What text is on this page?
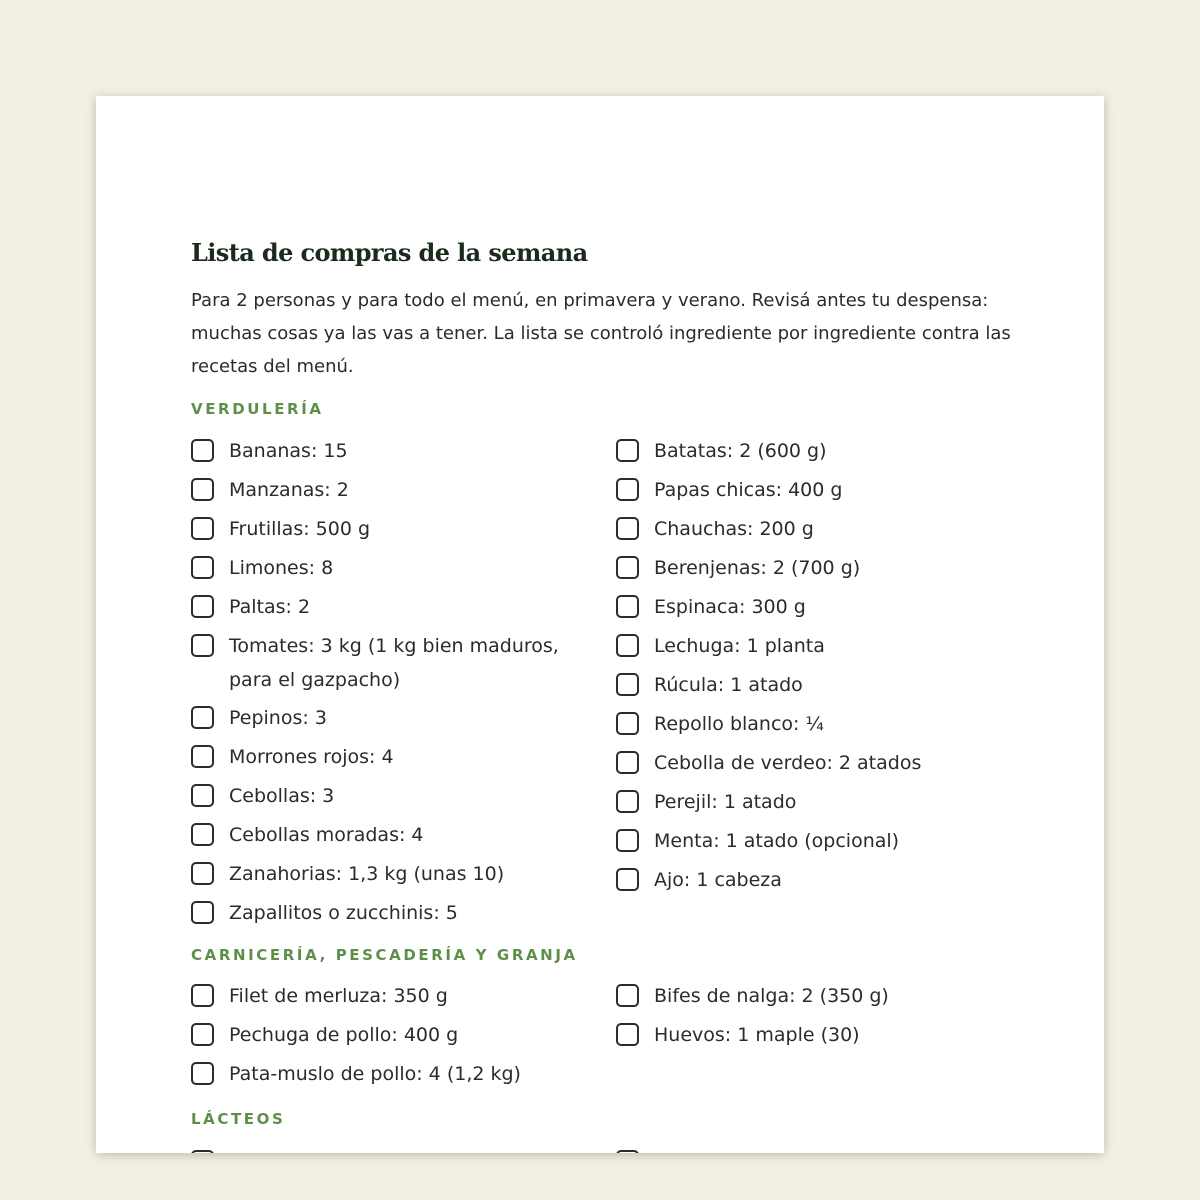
Lista de compras de la semana

Para 2 personas y para todo el menú, en primavera y verano. Revisá antes tu despensa: muchas cosas ya las vas a tener. La lista se controló ingrediente por ingrediente contra las recetas del menú.

VERDULERÍA
Bananas: 15
Manzanas: 2
Frutillas: 500 g
Limones: 8
Paltas: 2
Tomates: 3 kg (1 kg bien maduros, para el gazpacho)
Pepinos: 3
Morrones rojos: 4
Cebollas: 3
Cebollas moradas: 4
Zanahorias: 1,3 kg (unas 10)
Zapallitos o zucchinis: 5
Batatas: 2 (600 g)
Papas chicas: 400 g
Chauchas: 200 g
Berenjenas: 2 (700 g)
Espinaca: 300 g
Lechuga: 1 planta
Rúcula: 1 atado
Repollo blanco: ¼
Cebolla de verdeo: 2 atados
Perejil: 1 atado
Menta: 1 atado (opcional)
Ajo: 1 cabeza
CARNICERÍA, PESCADERÍA Y GRANJA
Filet de merluza: 350 g
Pechuga de pollo: 400 g
Pata-muslo de pollo: 4 (1,2 kg)
Bifes de nalga: 2 (350 g)
Huevos: 1 maple (30)
LÁCTEOS
